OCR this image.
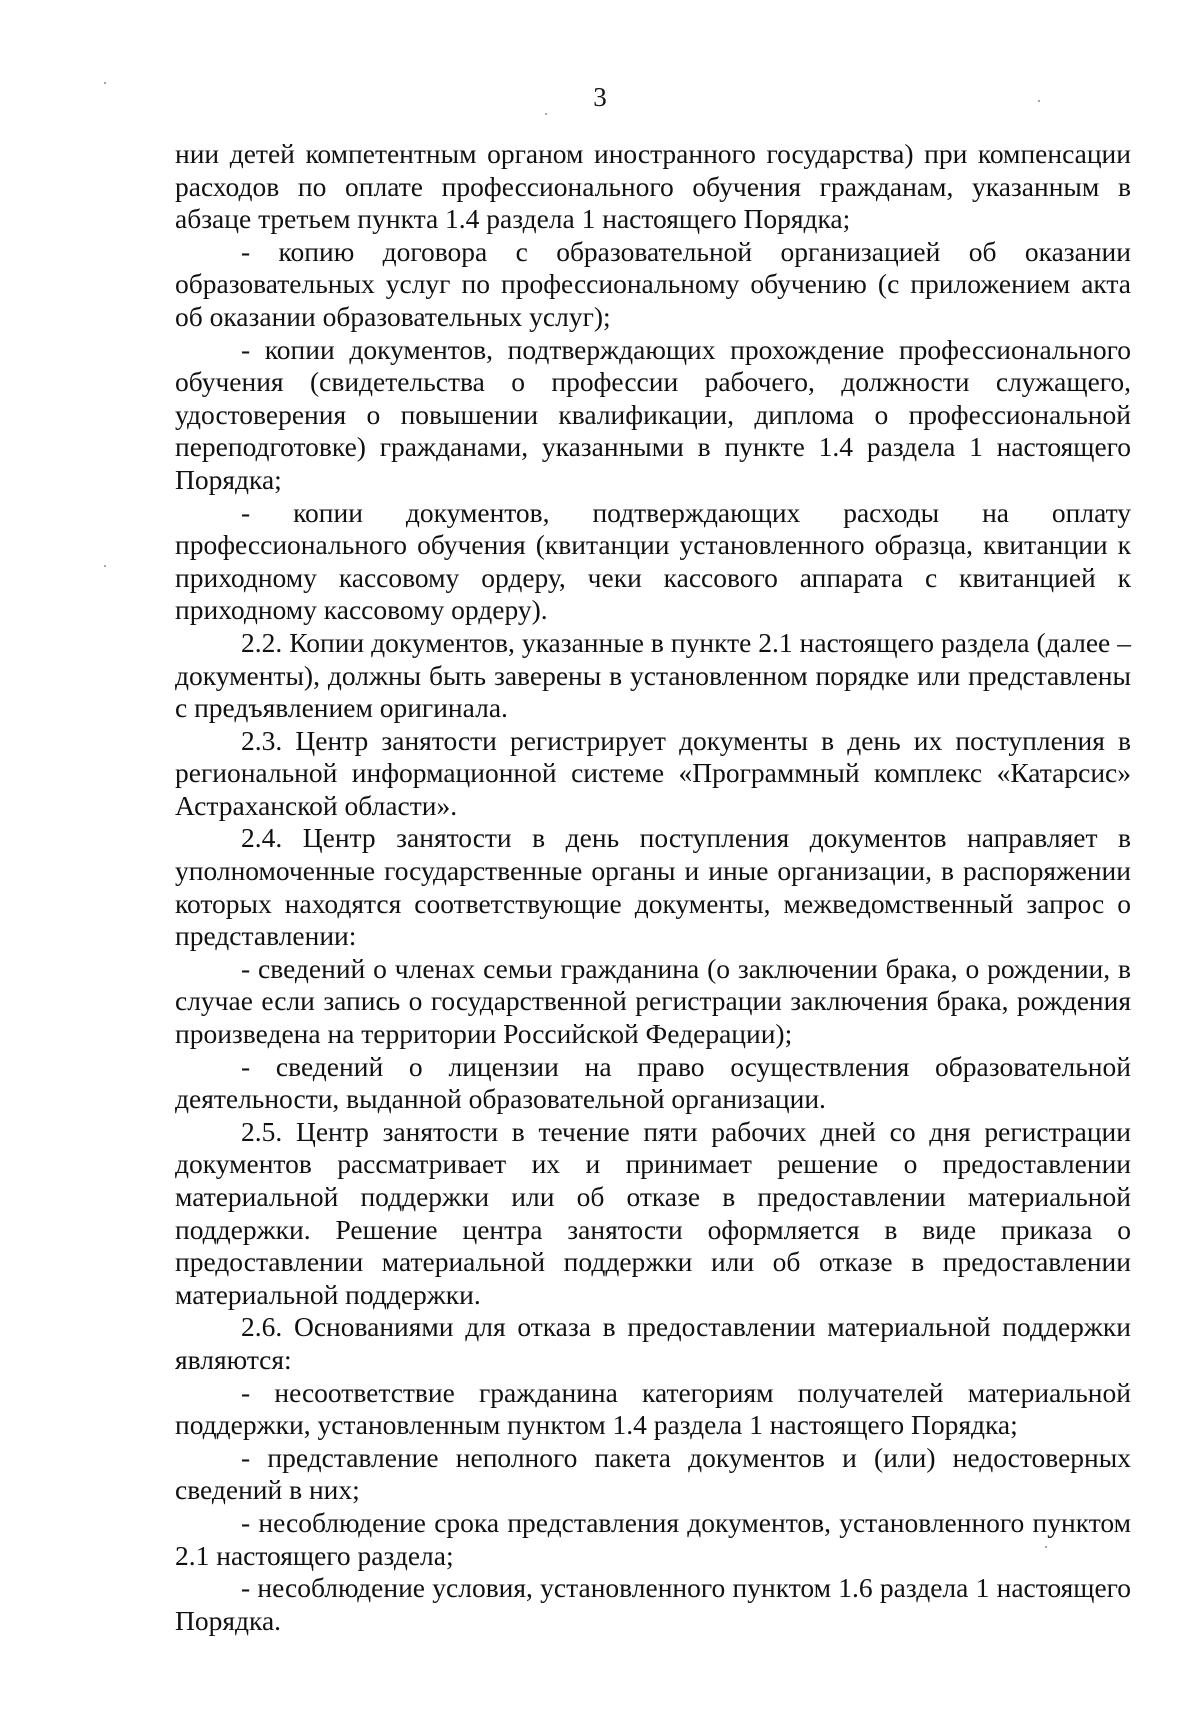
3

нии детей компетентным органом иностранного государства) при компенсации расходов по оплате профессионального обучения гражданам, указанным в абзаце третьем пункта 1.4 раздела 1 настоящего Порядка;

- копию договора с образовательной организацией об оказании образовательных услуг по профессиональному обучению (с приложением акта об оказании образовательных услуг);

- копии документов, подтверждающих прохождение профессионального обучения (свидетельства о профессии рабочего, должности служащего, удостоверения о повышении квалификации, диплома о профессиональной переподготовке) гражданами, указанными в пункте 1.4 раздела 1 настоящего Порядка;

- копии документов, подтверждающих расходы на оплату профессионального обучения (квитанции установленного образца, квитанции к приходному кассовому ордеру, чеки кассового аппарата с квитанцией к приходному кассовому ордеру).

2.2. Копии документов, указанные в пункте 2.1 настоящего раздела (далее – документы), должны быть заверены в установленном порядке или представлены с предъявлением оригинала.

2.3. Центр занятости регистрирует документы в день их поступления в региональной информационной системе «Программный комплекс «Катарсис» Астраханской области».

2.4. Центр занятости в день поступления документов направляет в уполномоченные государственные органы и иные организации, в распоряжении которых находятся соответствующие документы, межведомственный запрос о представлении:

- сведений о членах семьи гражданина (о заключении брака, о рождении, в случае если запись о государственной регистрации заключения брака, рождения произведена на территории Российской Федерации);

- сведений о лицензии на право осуществления образовательной деятельности, выданной образовательной организации.

2.5. Центр занятости в течение пяти рабочих дней со дня регистрации документов рассматривает их и принимает решение о предоставлении материальной поддержки или об отказе в предоставлении материальной поддержки. Решение центра занятости оформляется в виде приказа о предоставлении материальной поддержки или об отказе в предоставлении материальной поддержки.

2.6. Основаниями для отказа в предоставлении материальной поддержки являются:

- несоответствие гражданина категориям получателей материальной поддержки, установленным пунктом 1.4 раздела 1 настоящего Порядка;

- представление неполного пакета документов и (или) недостоверных сведений в них;

- несоблюдение срока представления документов, установленного пунктом 2.1 настоящего раздела;

- несоблюдение условия, установленного пунктом 1.6 раздела 1 настоящего Порядка.
